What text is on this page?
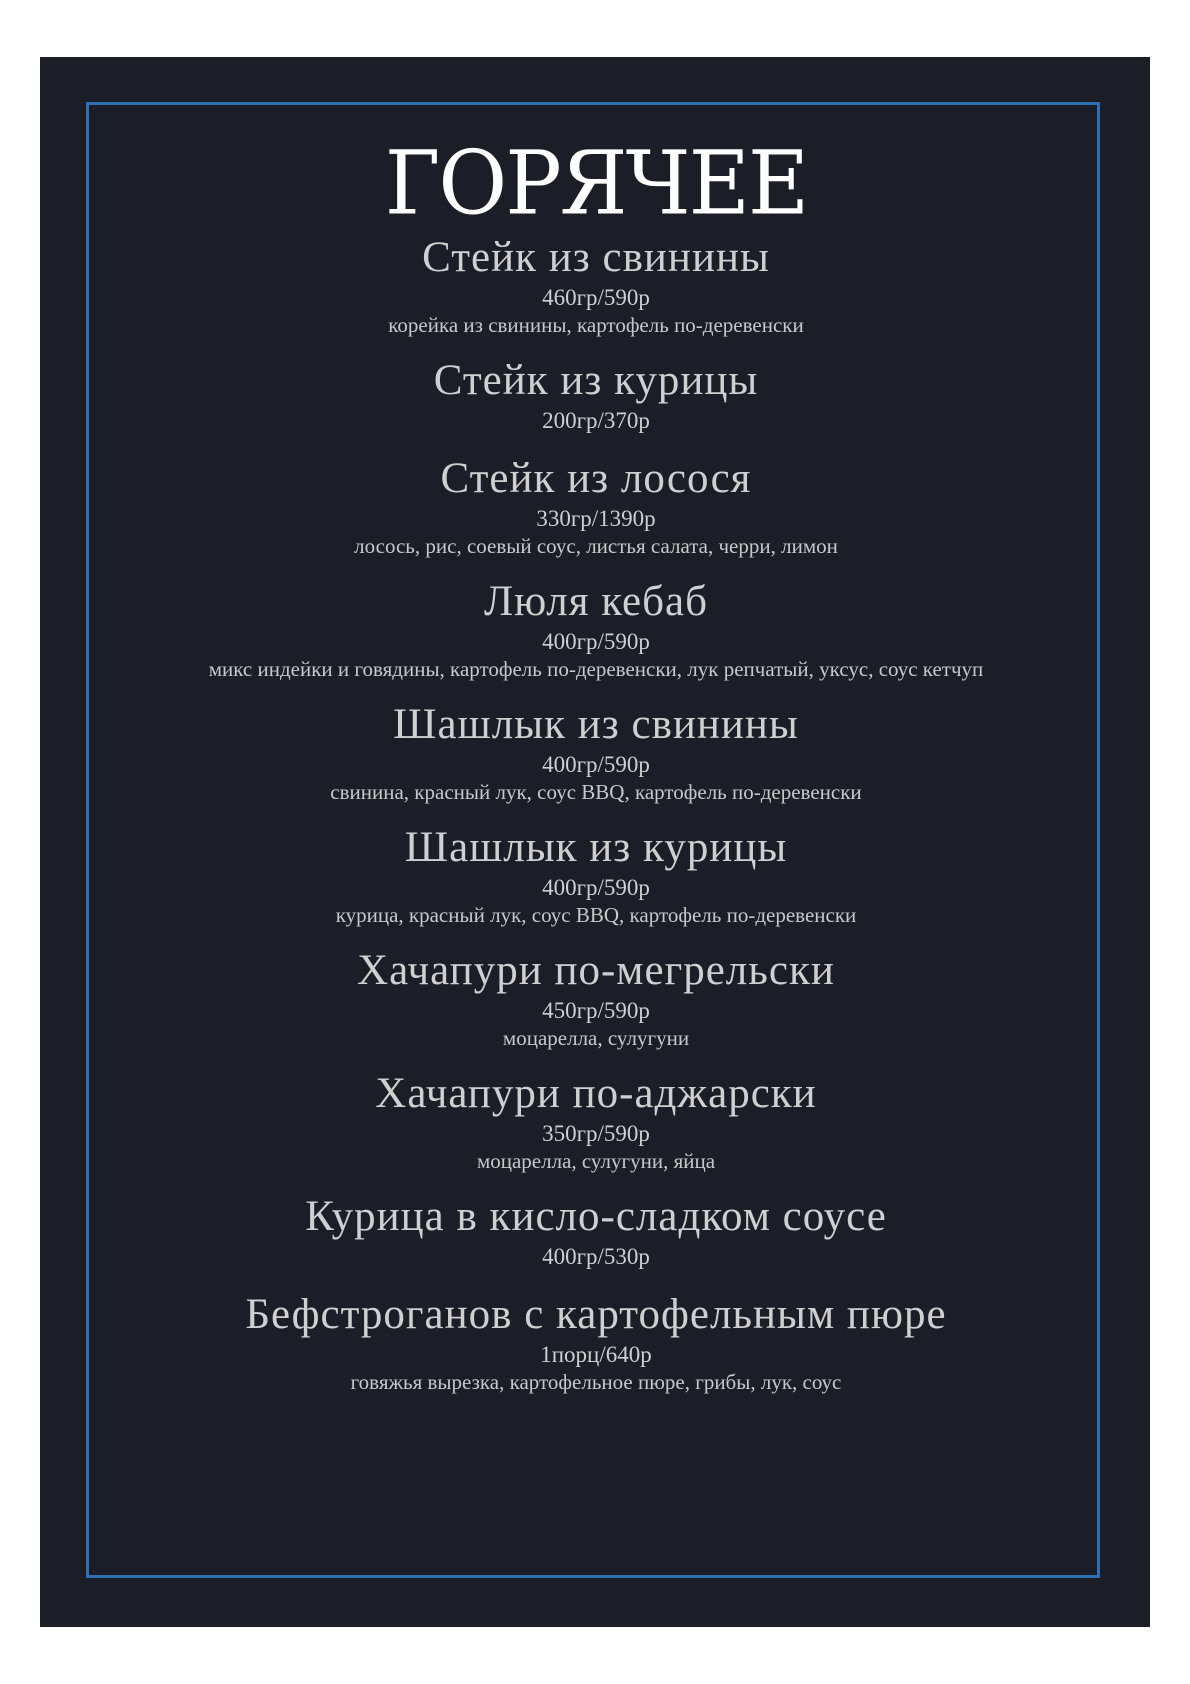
ГОРЯЧЕЕ
Стейк из свинины
460гр/590р
корейка из свинины, картофель по-деревенски
Стейк из курицы
200гр/370р
Стейк из лосося
330гр/1390р
лосось, рис, соевый соус, листья салата, черри, лимон
Люля кебаб
400гр/590р
микс индейки и говядины, картофель по-деревенски, лук репчатый, уксус, соус кетчуп
Шашлык из свинины
400гр/590р
свинина, красный лук, соус BBQ, картофель по-деревенски
Шашлык из курицы
400гр/590р
курица, красный лук, соус BBQ, картофель по-деревенски
Хачапури по-мегрельски
450гр/590р
моцарелла, сулугуни
Хачапури по-аджарски
350гр/590р
моцарелла, сулугуни, яйца
Курица в кисло-сладком соусе
400гр/530р
Бефстроганов с картофельным пюре
1порц/640р
говяжья вырезка, картофельное пюре, грибы, лук, соус
